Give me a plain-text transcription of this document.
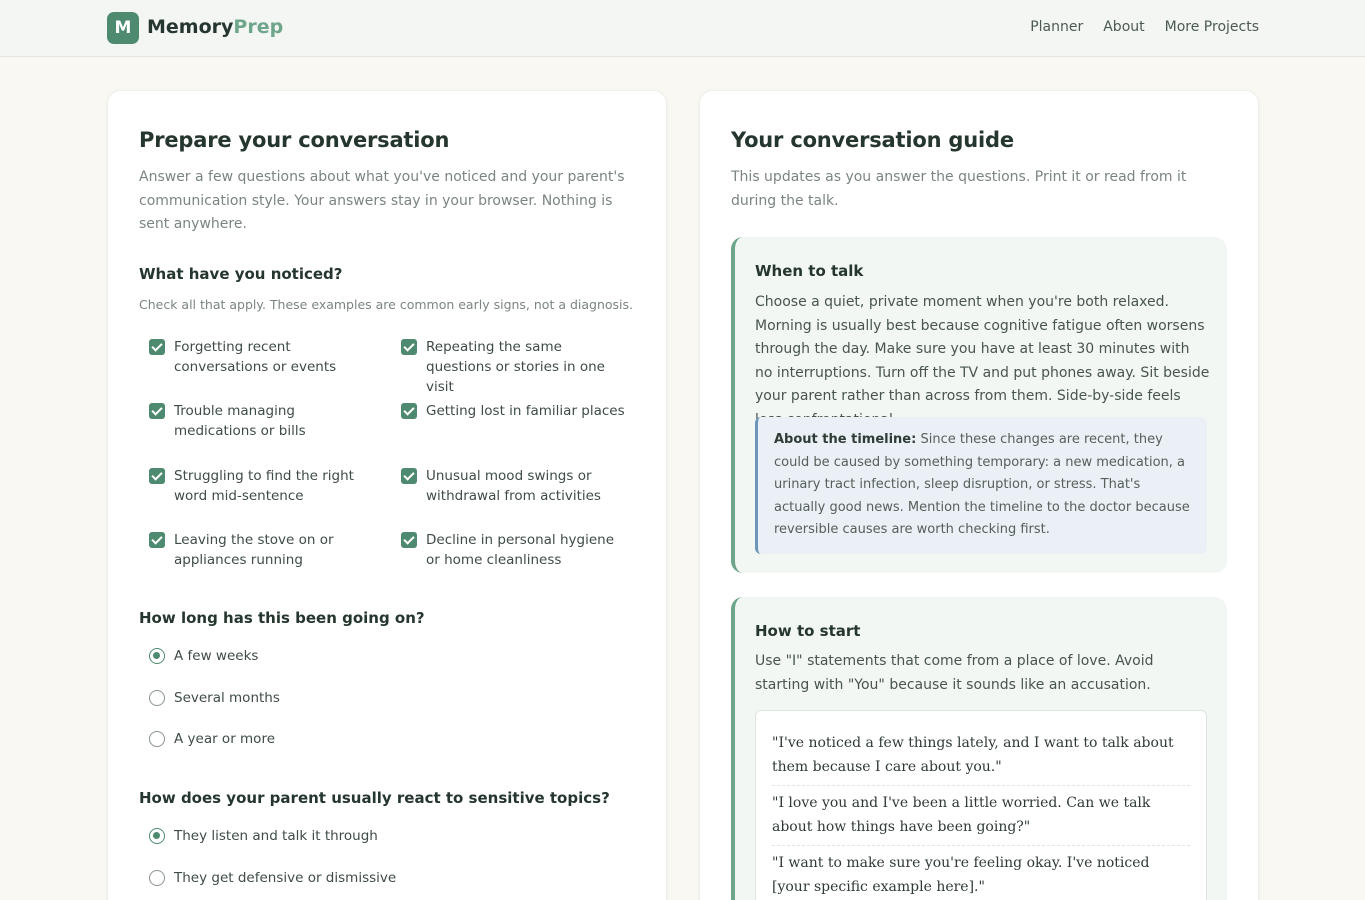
M MemoryPrep	Planner About More Projects
Prepare your conversation

Answer a few questions about what you've noticed and your parent's communication style. Your answers stay in your browser. Nothing is sent anywhere.

What have you noticed?
Check all that apply. These examples are common early signs, not a diagnosis.
Forgetting recent conversations or events
Repeating the same questions or stories in one visit
Trouble managing medications or bills
Getting lost in familiar places
Struggling to find the right word mid-sentence
Unusual mood swings or withdrawal from activities
Leaving the stove on or appliances running
Decline in personal hygiene or home cleanliness
How long has this been going on?
A few weeks
Several months
A year or more
How does your parent usually react to sensitive topics?
They listen and talk it through
They get defensive or dismissive
Your conversation guide

This updates as you answer the questions. Print it or read from it during the talk.

When to talk

Choose a quiet, private moment when you're both relaxed. Morning is usually best because cognitive fatigue often worsens through the day. Make sure you have at least 30 minutes with no interruptions. Turn off the TV and put phones away. Sit beside your parent rather than across from them. Side-by-side feels

About the timeline: Since these changes are recent, they could be caused by something temporary: a new medication, a urinary tract infection, sleep disruption, or stress. That's actually good news. Mention the timeline to the doctor because reversible causes are worth checking first.
How to start

Use "I" statements that come from a place of love. Avoid starting with "You" because it sounds like an accusation.

"I've noticed a few things lately, and I want to talk about them because I care about you."
"I love you and I've been a little worried. Can we talk about how things have been going?"
"I want to make sure you're feeling okay. I've noticed [your specific example here]."
